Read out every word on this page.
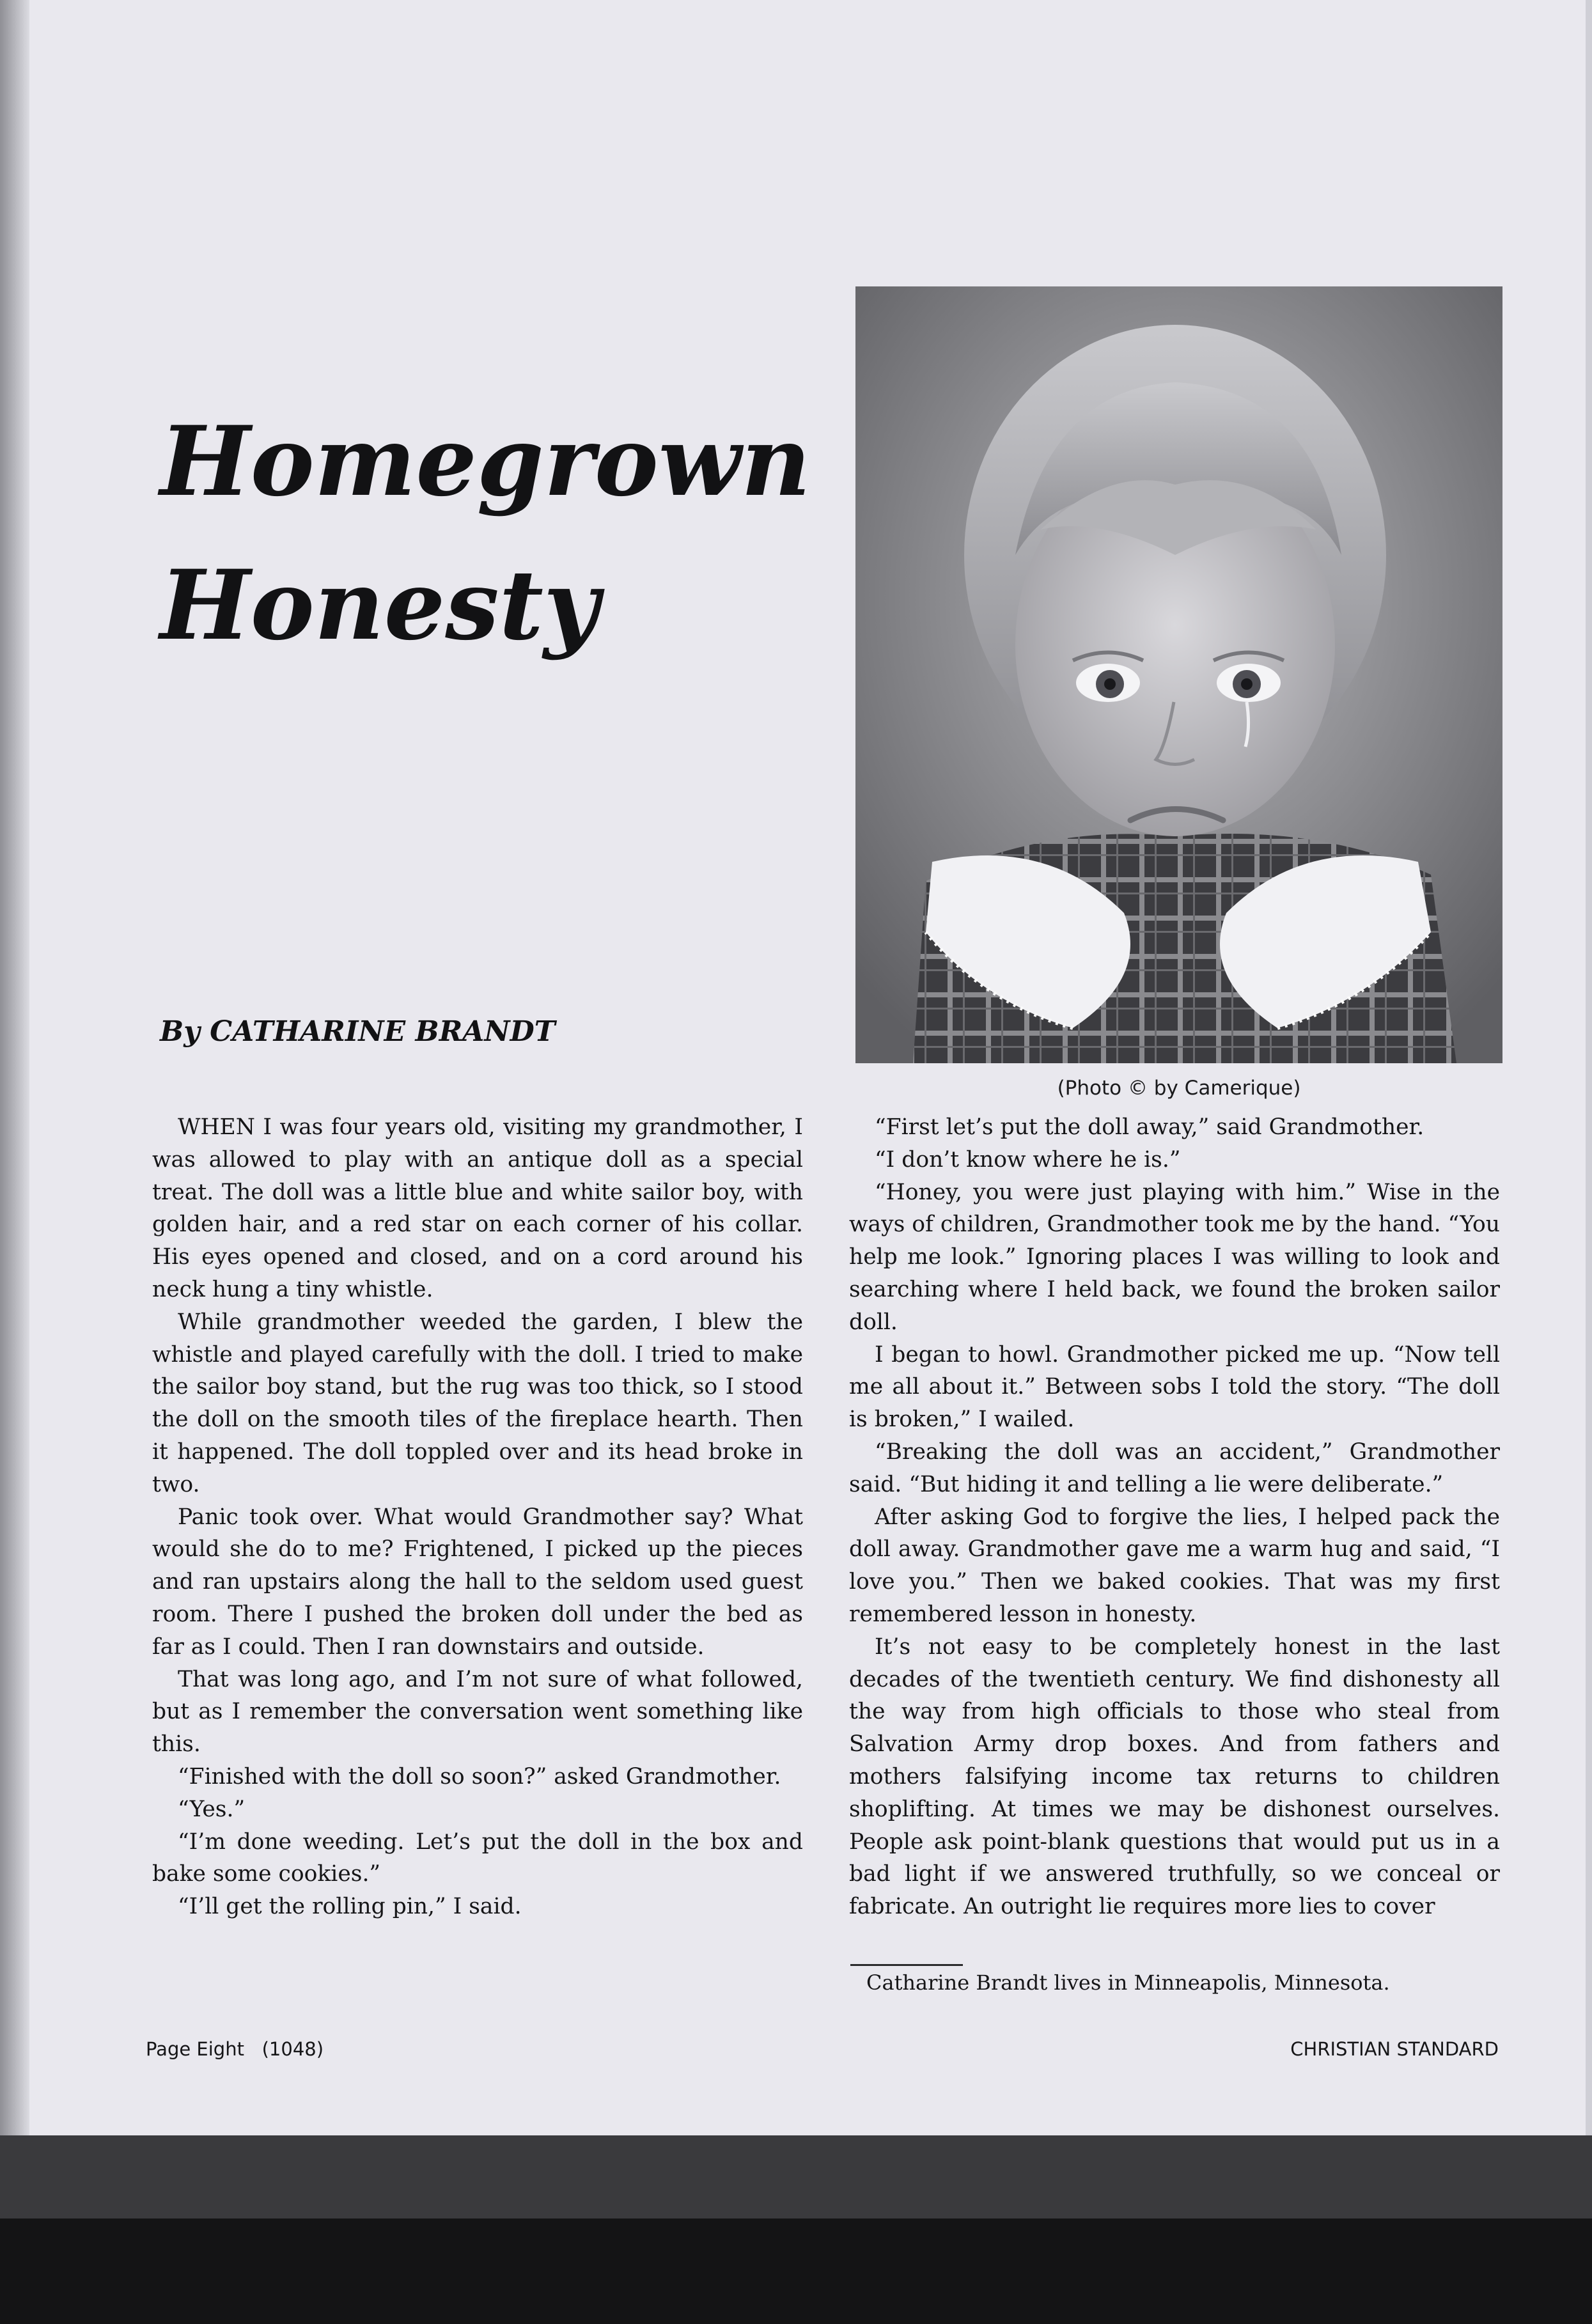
Homegrown Honesty

By CATHARINE BRANDT

(Photo © by Camerique)

WHEN I was four years old, visiting my grandmother, I was allowed to play with an antique doll as a special treat. The doll was a little blue and white sailor boy, with golden hair, and a red star on each corner of his collar. His eyes opened and closed, and on a cord around his neck hung a tiny whistle.

While grandmother weeded the garden, I blew the whistle and played carefully with the doll. I tried to make the sailor boy stand, but the rug was too thick, so I stood the doll on the smooth tiles of the fireplace hearth. Then it happened. The doll toppled over and its head broke in two.

Panic took over. What would Grandmother say? What would she do to me? Frightened, I picked up the pieces and ran upstairs along the hall to the seldom used guest room. There I pushed the broken doll under the bed as far as I could. Then I ran downstairs and outside.

That was long ago, and I’m not sure of what followed, but as I remember the conversation went something like this.

“Finished with the doll so soon?” asked Grandmother.

“Yes.”

“I’m done weeding. Let’s put the doll in the box and bake some cookies.”

“I’ll get the rolling pin,” I said.

“First let’s put the doll away,” said Grandmother.

“I don’t know where he is.”

“Honey, you were just playing with him.” Wise in the ways of children, Grandmother took me by the hand. “You help me look.” Ignoring places I was willing to look and searching where I held back, we found the broken sailor doll.

I began to howl. Grandmother picked me up. “Now tell me all about it.” Between sobs I told the story. “The doll is broken,” I wailed.

“Breaking the doll was an accident,” Grandmother said. “But hiding it and telling a lie were deliberate.”

After asking God to forgive the lies, I helped pack the doll away. Grandmother gave me a warm hug and said, “I love you.” Then we baked cookies. That was my first remembered lesson in honesty.

It’s not easy to be completely honest in the last decades of the twentieth century. We find dishonesty all the way from high officials to those who steal from Salvation Army drop boxes. And from fathers and mothers falsifying income tax returns to children shoplifting. At times we may be dishonest ourselves. People ask point-blank questions that would put us in a bad light if we answered truthfully, so we conceal or fabricate. An outright lie requires more lies to cover

Catharine Brandt lives in Minneapolis, Minnesota.

Page Eight   (1048)	CHRISTIAN STANDARD
